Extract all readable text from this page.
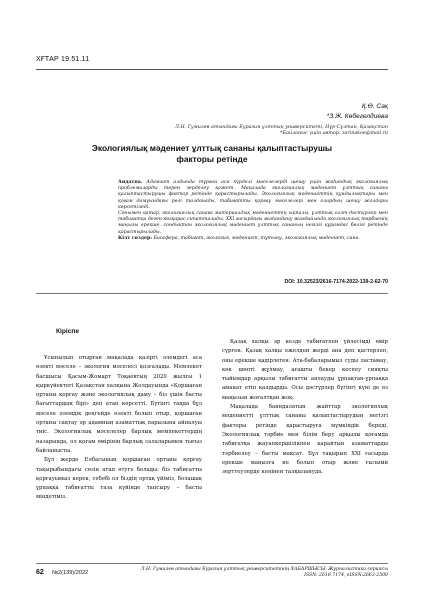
ХҒТАР 19.51.11
Қ.Ө. Сақ
*З.Ж. Көбегелдиева
Л.Н. Гумилев атындағы Еуразия ұлттық университеті, Нұр-Сұлтан, Қазақстан
*Байланыс үшін автор: zarinakoe@mail.ru
Экологиялық мәдениет ұлттық сананы қалыптастырушы
факторы ретінде

Андатпа. Адамзат алдында тұрған аса күрделі мәселелерді шешу үшін жаһандық экологиялық проблемаларды терең зерделеу қажет. Мақалада экологиялық мәдениет ұлттық сананы қалыптастырушы фактор ретінде қарастырылады. Экологиялық мәдениеттің құндылықтары мен қоғам дамуындағы рөлі талданады, табиғатты қорғау мәселелері мен олардың шешу жолдары көрсетіледі.

Сонымен қатар, экологиялық санаға материалдық мәдениеттің ықпалы, ұлттық салт-дәстүрлер мен табиғатқа деген көзқарас сипатталады. XXI ғасырдағы жаһандану жағдайында экологиялық тәрбиенің маңызы ерекше, сондықтан экологиялық мәдениет ұлттық сананың негізгі құрамдас бөлігі ретінде қарастырылады.

Кілт сөздер: Биосфера, табиғат, экология, мәдениет, тұтыну, экологиялық мәдениет, сана.

DOI: 10.32523/2616-7174-2022-139-2-62-70
Кіріспе

Ұсынылып отырған мақалада қазіргі әлемдегі аса өзекті мәселе – экология мәселесі қозғалады. Мемлекет басшысы Қасым-Жомарт Тоқаевтың 2020 жылғы 1 қыркүйектегі Қазақстан халқына Жолдауында «Қоршаған ортаны қорғау және экологиялық даму – біз үшін басты бағыттардың бірі» деп атап көрсетті. Бүгінгі таңда бұл мәселе әлемдік деңгейде өзекті болып отыр, қоршаған ортаны сақтау әр адамның азаматтық парызына айналуы тиіс. Экологиялық мәселелер барлық мемлекеттердің назарында, ол қоғам өмірінің барлық салаларымен тығыз байланысты.

Бұл жерде Елбасының қоршаған ортаны қорғау тақырыбындағы сөзін атап өтуге болады: біз табиғатты қорғауымыз керек, себебі ол біздің ортақ үйіміз, болашақ ұрпаққа табиғатты таза күйінде тапсыру – басты міндетіміз.

Қазақ халқы әр кезде табиғатпен үйлесімді өмір сүрген. Қазақ халқы ежелден жерді ана деп қастерлеп, оны ерекше қадірлеген. Ата-бабаларымыз суды ластамау, көк шөпті жұлмау, ағашты бекер кеспеу сияқты тыйымдар арқылы табиғатты аялауды ұрпақтан-ұрпаққа аманат етіп қалдырды. Осы дәстүрлер бүгінгі күні де өз маңызын жоғалтқан жоқ.

Мақалада баяндалатын жайттар экологиялық мәдениетті ұлттық сананы қалыптастырудың негізгі факторы ретінде қарастыруға мүмкіндік береді. Экологиялық тәрбие мен білім беру арқылы қоғамда табиғатқа жауапкершілікпен қарайтын азаматтарды тәрбиелеу – басты мақсат. Бұл тақырып XXI ғасырда ерекше маңызға ие болып отыр және ғылыми зерттеулерде кеңінен талқылануда.

62 №2(139)/2022
Л.Н. Гумилев атындағы Еуразия ұлттық университетінің ХАБАРШЫСЫ. Журналистика сериясы
ISSN: 2616-7174, eISSN:2663-2500
